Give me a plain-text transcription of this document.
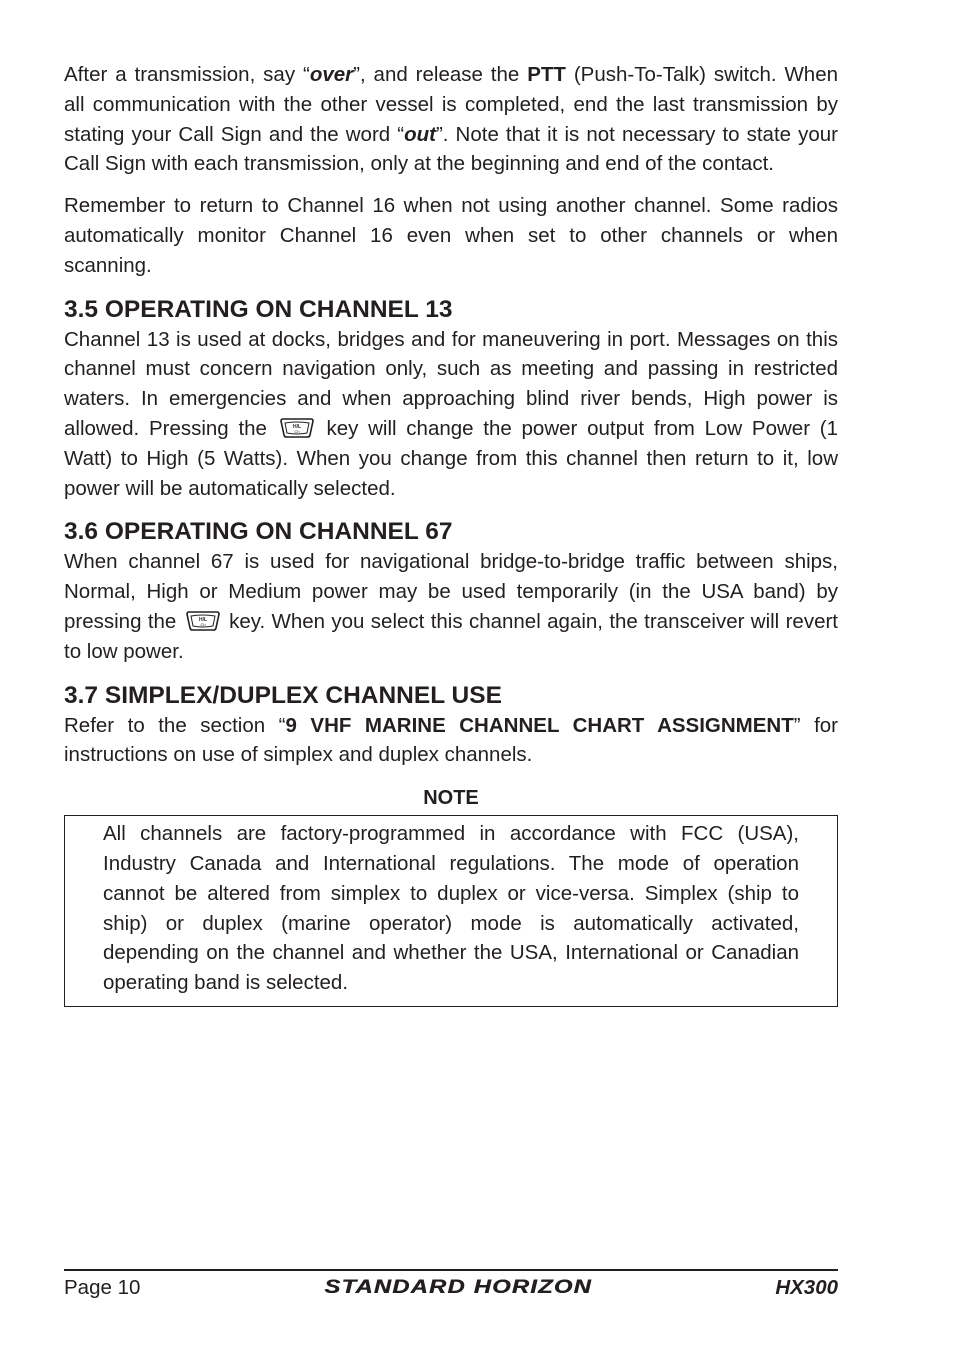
After a transmission, say “over”, and release the PTT (Push-To-Talk) switch. When all communication with the other vessel is completed, end the last transmission by stating your Call Sign and the word “out”. Note that it is not necessary to state your Call Sign with each transmission, only at the beginning and end of the contact.

Remember to return to Channel 16 when not using another channel. Some radios automatically monitor Channel 16 even when set to other channels or when scanning.

3.5 OPERATING ON CHANNEL 13

Channel 13 is used at docks, bridges and for maneuvering in port. Messages on this channel must concern navigation only, such as meeting and passing in restricted waters. In emergencies and when approaching blind river bends, High power is allowed. Pressing the	H/L
Ch key will change the power output from Low Power (1 Watt) to High (5 Watts). When you change from this channel then return to it, low power will be automatically selected.

3.6 OPERATING ON CHANNEL 67

When channel 67 is used for navigational bridge-to-bridge traffic between ships, Normal, High or Medium power may be used temporarily (in the USA band) by pressing the	H/L
Ch key. When you select this channel again, the transceiver will revert to low power.

3.7 SIMPLEX/DUPLEX CHANNEL USE

Refer to the section “9 VHF MARINE CHANNEL CHART ASSIGNMENT” for instructions on use of simplex and duplex channels.

NOTE

All channels are factory-programmed in accordance with FCC (USA), Industry Canada and International regulations. The mode of operation cannot be altered from simplex to duplex or vice-versa. Simplex (ship to ship) or duplex (marine operator) mode is automatically activated, depending on the channel and whether the USA, International or Canadian operating band is selected.

Page 10	STANDARD HORIZON	HX300
